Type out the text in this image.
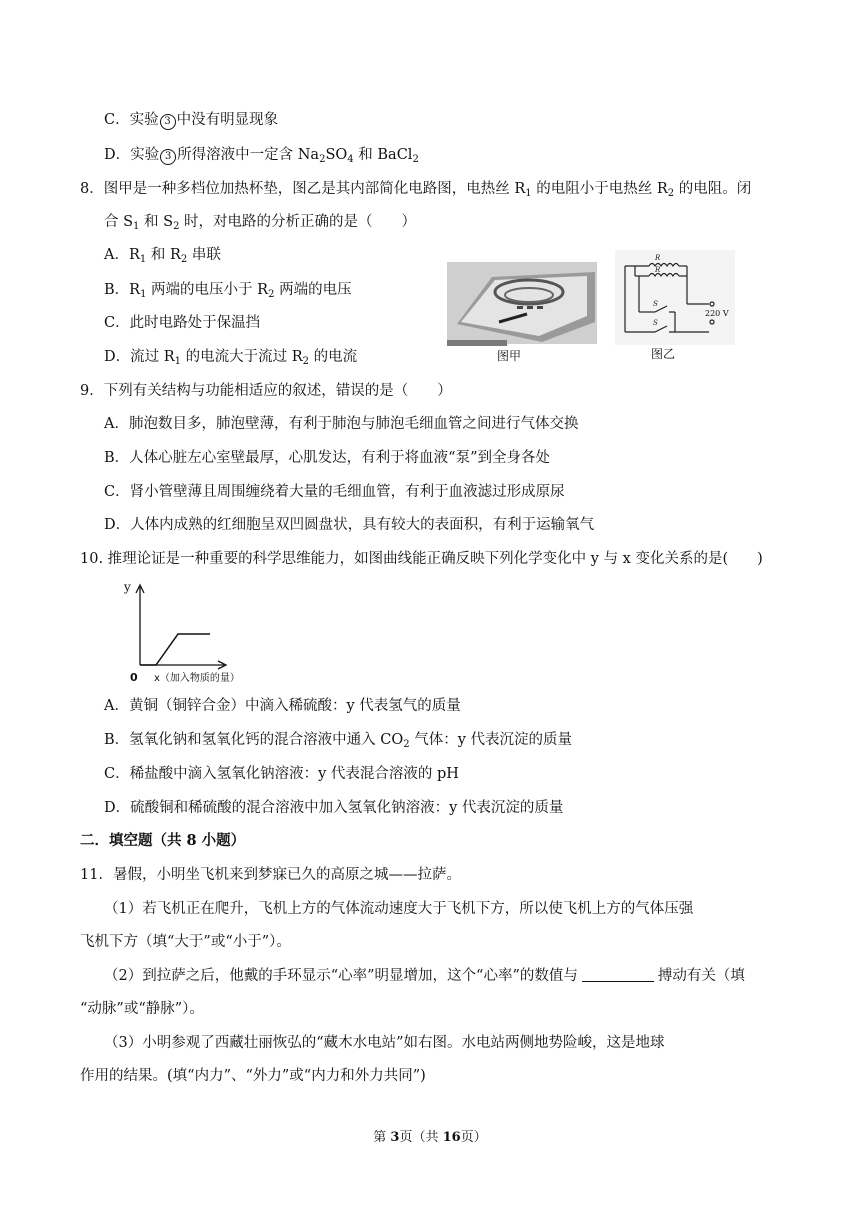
C．实验 3 中没有明显现象
D．实验 3 所得溶液中一定含 $Na_2SO_4$ 和 BaCl$_2$
8．图甲是一种多档位加热杯垫，图乙是其内部简化电路图，电热丝 $R_1$ 的电阻小于电热丝 $R_2$ 的电阻。闭
合 $S_1$ 和 $S_2$ 时，对电路的分析正确的是（　　）
A．$R_1$ 和 $R_2$ 串联
B．$R_1$ 两端的电压小于 $R_2$ 两端的电压
C．此时电路处于保温挡
D．流过 $R_1$ 的电流大于流过 $R_2$ 的电流	图甲
R
R
S
S
220 V
图乙
9．下列有关结构与功能相适应的叙述，错误的是（　　）
A．肺泡数目多，肺泡壁薄，有利于肺泡与肺泡毛细血管之间进行气体交换
B．人体心脏左心室壁最厚，心肌发达，有利于将血液“泵”到全身各处
C．肾小管壁薄且周围缠绕着大量的毛细血管，有利于血液滤过形成原尿
D．人体内成熟的红细胞呈双凹圆盘状，具有较大的表面积，有利于运输氧气
10. 推理论证是一种重要的科学思维能力，如图曲线能正确反映下列化学变化中 y 与 x 变化关系的是(　　)
y
0 x（加入物质的量）
A．黄铜（铜锌合金）中滴入稀硫酸：y 代表氢气的质量
B．氢氧化钠和氢氧化钙的混合溶液中通入 $CO_2$ 气体：y 代表沉淀的质量
C．稀盐酸中滴入氢氧化钠溶液：y 代表混合溶液的 pH
D．硫酸铜和稀硫酸的混合溶液中加入氢氧化钠溶液：y 代表沉淀的质量
二．填空题（共 8 小题）
11．暑假，小明坐飞机来到梦寐已久的高原之城——拉萨。
（1）若飞机正在爬升，飞机上方的气体流动速度大于飞机下方，所以使飞机上方的气体压强
飞机下方（填“大于”或“小于”）。
（2）到拉萨之后，他戴的手环显示“心率”明显增加，这个“心率”的数值与	搏动有关（填
“动脉”或“静脉”）。
（3）小明参观了西藏壮丽恢弘的“藏木水电站”如右图。水电站两侧地势险峻，这是地球
作用的结果。(填“内力”、“外力”或“内力和外力共同”)
第 3页（共 16页）
